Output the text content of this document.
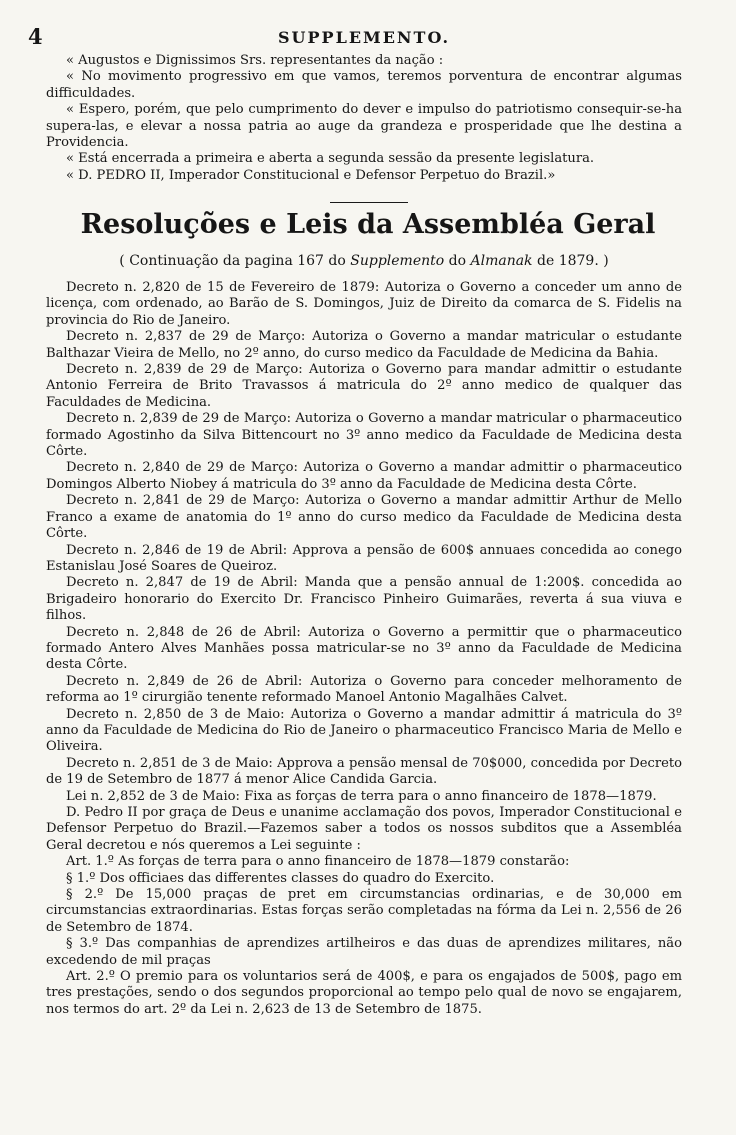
4	SUPPLEMENTO.

« Augustos e Dignissimos Srs. representantes da nação :

« No movimento progressivo em que vamos, teremos porventura de encontrar algumas difficuldades.

« Espero, porém, que pelo cumprimento do dever e impulso do patriotismo consequir-se-ha supera-las, e elevar a nossa patria ao auge da grandeza e prosperidade que lhe destina a Providencia.

« Está encerrada a primeira e aberta a segunda sessão da presente legislatura.

« D. PEDRO II, Imperador Constitucional e Defensor Perpetuo do Brazil.»

Resoluções e Leis da Assembléa Geral
( Continuação da pagina 167 do Supplemento do Almanak de 1879. )

Decreto n. 2,820 de 15 de Fevereiro de 1879: Autoriza o Governo a conceder um anno de licença, com ordenado, ao Barão de S. Domingos, Juiz de Direito da comarca de S. Fidelis na provincia do Rio de Janeiro.

Decreto n. 2,837 de 29 de Março: Autoriza o Governo a mandar matricular o estudante Balthazar Vieira de Mello, no 2º anno, do curso medico da Faculdade de Medicina da Bahia.

Decreto n. 2,839 de 29 de Março: Autoriza o Governo para mandar admittir o estudante Antonio Ferreira de Brito Travassos á matricula do 2º anno medico de qualquer das Faculdades de Medicina.

Decreto n. 2,839 de 29 de Março: Autoriza o Governo a mandar matricular o pharmaceutico formado Agostinho da Silva Bittencourt no 3º anno medico da Faculdade de Medicina desta Côrte.

Decreto n. 2,840 de 29 de Março: Autoriza o Governo a mandar admittir o pharmaceutico Domingos Alberto Niobey á matricula do 3º anno da Faculdade de Medicina desta Côrte.

Decreto n. 2,841 de 29 de Março: Autoriza o Governo a mandar admittir Arthur de Mello Franco a exame de anatomia do 1º anno do curso medico da Faculdade de Medicina desta Côrte.

Decreto n. 2,846 de 19 de Abril: Approva a pensão de 600$ annuaes concedida ao conego Estanislau José Soares de Queiroz.

Decreto n. 2,847 de 19 de Abril: Manda que a pensão annual de 1:200$. concedida ao Brigadeiro honorario do Exercito Dr. Francisco Pinheiro Guimarães, reverta á sua viuva e filhos.

Decreto n. 2,848 de 26 de Abril: Autoriza o Governo a permittir que o pharmaceutico formado Antero Alves Manhães possa matricular-se no 3º anno da Faculdade de Medicina desta Côrte.

Decreto n. 2,849 de 26 de Abril: Autoriza o Governo para conceder melhoramento de reforma ao 1º cirurgião tenente reformado Manoel Antonio Magalhães Calvet.

Decreto n. 2,850 de 3 de Maio: Autoriza o Governo a mandar admittir á matricula do 3º anno da Faculdade de Medicina do Rio de Janeiro o pharmaceutico Francisco Maria de Mello e Oliveira.

Decreto n. 2,851 de 3 de Maio: Approva a pensão mensal de 70$000, concedida por Decreto de 19 de Setembro de 1877 á menor Alice Candida Garcia.

Lei n. 2,852 de 3 de Maio: Fixa as forças de terra para o anno financeiro de 1878—1879.

D. Pedro II por graça de Deus e unanime acclamação dos povos, Imperador Constitucional e Defensor Perpetuo do Brazil.—Fazemos saber a todos os nossos subditos que a Assembléa Geral decretou e nós queremos a Lei seguinte :

Art. 1.º As forças de terra para o anno financeiro de 1878—1879 constarão:

§ 1.º Dos officiaes das differentes classes do quadro do Exercito.

§ 2.º De 15,000 praças de pret em circumstancias ordinarias, e de 30,000 em circumstancias extraordinarias. Estas forças serão completadas na fórma da Lei n. 2,556 de 26 de Setembro de 1874.

§ 3.º Das companhias de aprendizes artilheiros e das duas de aprendizes militares, não excedendo de mil praças

Art. 2.º O premio para os voluntarios será de 400$, e para os engajados de 500$, pago em tres prestações, sendo o dos segundos proporcional ao tempo pelo qual de novo se engajarem, nos termos do art. 2º da Lei n. 2,623 de 13 de Setembro de 1875.
